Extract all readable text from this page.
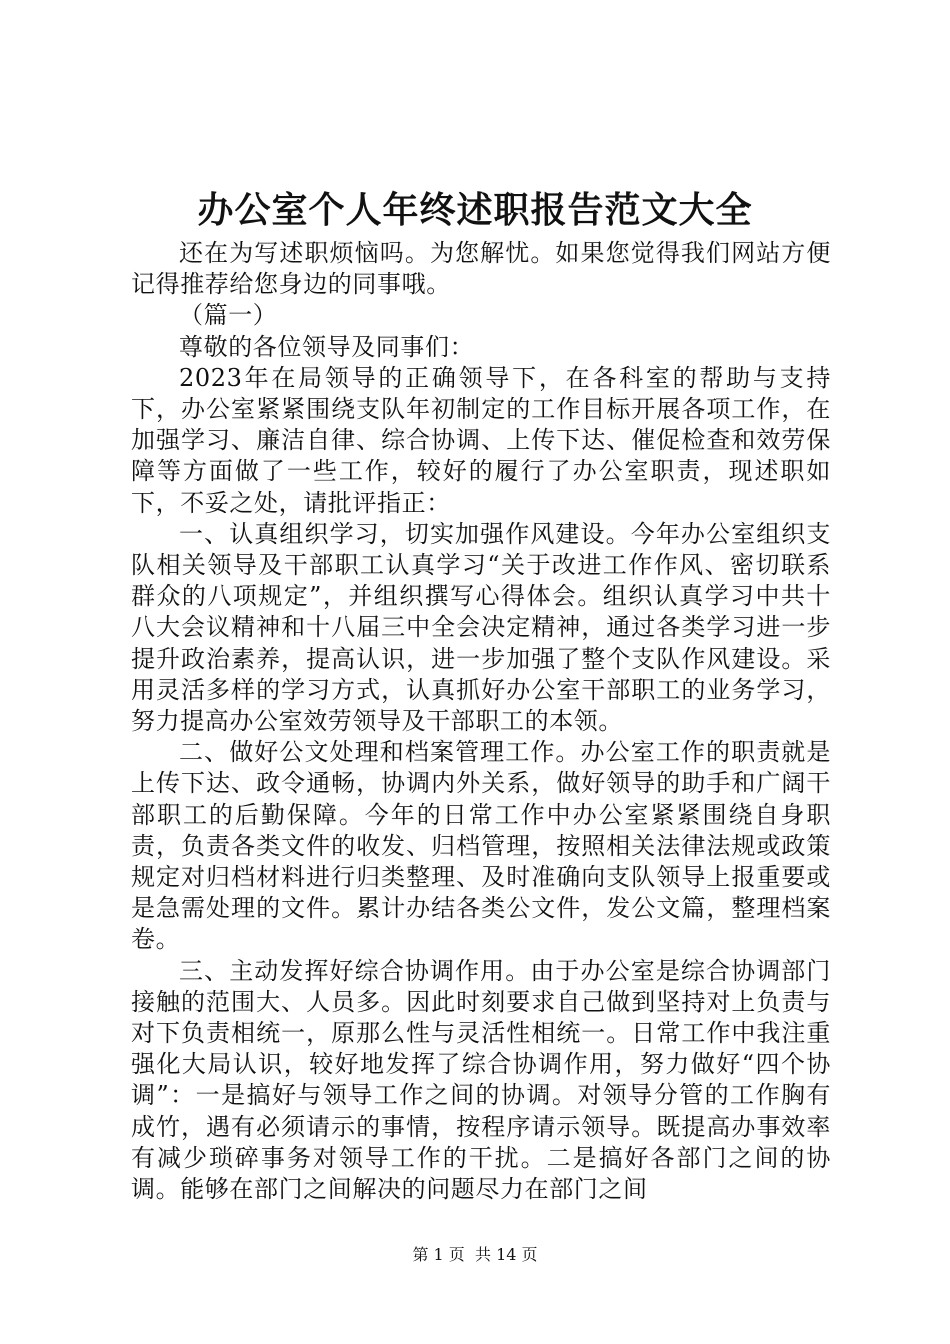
办公室个人年终述职报告范文大全

还在为写述职烦恼吗。为您解忧。如果您觉得我们网站方便记得推荐给您身边的同事哦。

（篇一）

尊敬的各位领导及同事们：

2023年在局领导的正确领导下，在各科室的帮助与支持下，办公室紧紧围绕支队年初制定的工作目标开展各项工作，在加强学习、廉洁自律、综合协调、上传下达、催促检查和效劳保障等方面做了一些工作，较好的履行了办公室职责，现述职如下，不妥之处，请批评指正：

一、认真组织学习，切实加强作风建设。今年办公室组织支队相关领导及干部职工认真学习“关于改进工作作风、密切联系群众的八项规定”，并组织撰写心得体会。组织认真学习中共十八大会议精神和十八届三中全会决定精神，通过各类学习进一步提升政治素养，提高认识，进一步加强了整个支队作风建设。采用灵活多样的学习方式，认真抓好办公室干部职工的业务学习，努力提高办公室效劳领导及干部职工的本领。

二、做好公文处理和档案管理工作。办公室工作的职责就是上传下达、政令通畅，协调内外关系，做好领导的助手和广阔干部职工的后勤保障。今年的日常工作中办公室紧紧围绕自身职责，负责各类文件的收发、归档管理，按照相关法律法规或政策规定对归档材料进行归类整理、及时准确向支队领导上报重要或是急需处理的文件。累计办结各类公文件，发公文篇，整理档案卷。

三、主动发挥好综合协调作用。由于办公室是综合协调部门接触的范围大、人员多。因此时刻要求自己做到坚持对上负责与对下负责相统一，原那么性与灵活性相统一。日常工作中我注重强化大局认识，较好地发挥了综合协调作用，努力做好“四个协调”：一是搞好与领导工作之间的协调。对领导分管的工作胸有成竹，遇有必须请示的事情，按程序请示领导。既提高办事效率有减少琐碎事务对领导工作的干扰。二是搞好各部门之间的协调。能够在部门之间解决的问题尽力在部门之间

第 1 页 共 14 页
